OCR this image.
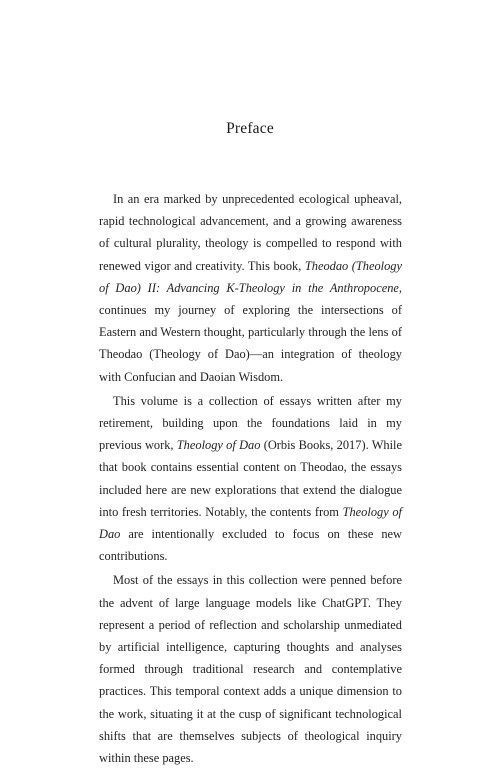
Preface

In an era marked by unprecedented ecological upheaval, rapid technological advancement, and a growing awareness of cultural plurality, theology is compelled to respond with renewed vigor and creativity. This book, Theodao (Theology of Dao) II: Advancing K-Theology in the Anthropocene, continues my journey of exploring the intersections of Eastern and Western thought, particularly through the lens of Theodao (Theology of Dao)—an integration of theology with Confucian and Daoian Wisdom.

This volume is a collection of essays written after my retirement, building upon the foundations laid in my previous work, Theology of Dao (Orbis Books, 2017). While that book contains essential content on Theodao, the essays included here are new explorations that extend the dialogue into fresh territories. Notably, the contents from Theology of Dao are intentionally excluded to focus on these new contributions.

Most of the essays in this collection were penned before the advent of large language models like ChatGPT. They represent a period of reflection and scholarship unmediated by artificial intelligence, capturing thoughts and analyses formed through traditional research and contemplative practices. This temporal context adds a unique dimension to the work, situating it at the cusp of significant technological shifts that are themselves subjects of theological inquiry within these pages.
